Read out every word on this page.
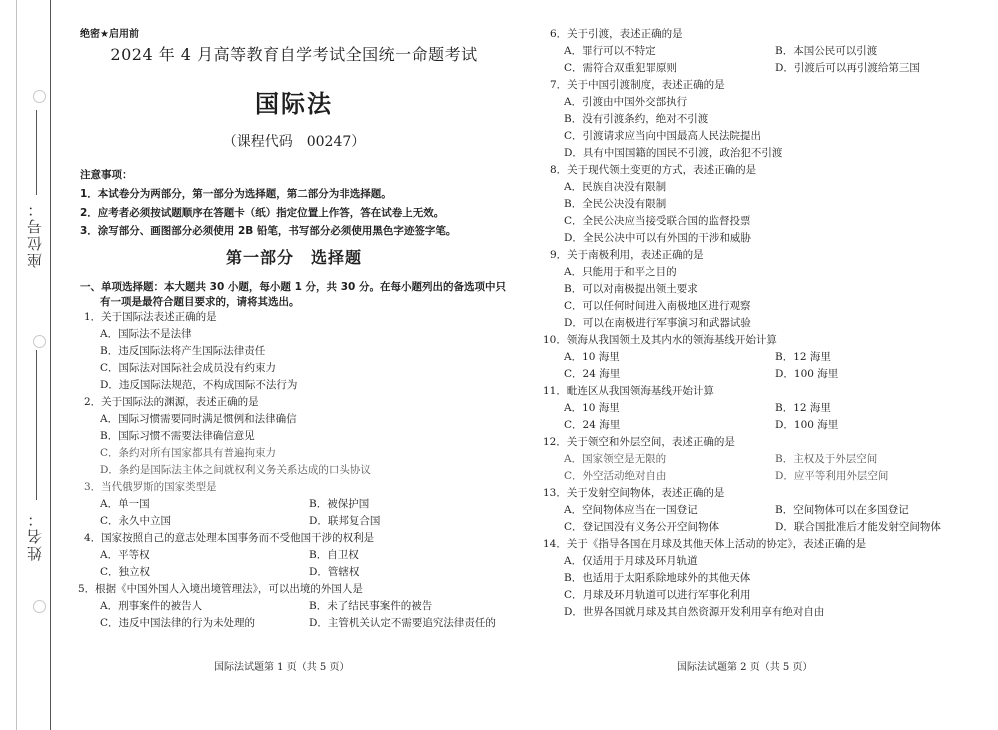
座位号：
姓名：
绝密★启用前
2024 年 4 月高等教育自学考试全国统一命题考试
国际法
（课程代码　00247）
注意事项：
1．本试卷分为两部分，第一部分为选择题，第二部分为非选择题。
2．应考者必须按试题顺序在答题卡（纸）指定位置上作答，答在试卷上无效。
3．涂写部分、画图部分必须使用 2B 铅笔，书写部分必须使用黑色字迹签字笔。
第一部分　选择题
一、单项选择题：本大题共 30 小题，每小题 1 分，共 30 分。在每小题列出的备选项中只
有一项是最符合题目要求的，请将其选出。
1．关于国际法表述正确的是
A．国际法不是法律
B．违反国际法将产生国际法律责任
C．国际法对国际社会成员没有约束力
D．违反国际法规范，不构成国际不法行为
2．关于国际法的渊源，表述正确的是
A．国际习惯需要同时满足惯例和法律确信
B．国际习惯不需要法律确信意见
C．条约对所有国家都具有普遍拘束力
D．条约是国际法主体之间就权利义务关系达成的口头协议
3．当代俄罗斯的国家类型是
A．单一国	B．被保护国
C．永久中立国	D．联邦复合国
4．国家按照自己的意志处理本国事务而不受他国干涉的权利是
A．平等权	B．自卫权
C．独立权	D．管辖权
5．根据《中国外国人入境出境管理法》，可以出境的外国人是
A．刑事案件的被告人	B．未了结民事案件的被告
C．违反中国法律的行为未处理的	D．主管机关认定不需要追究法律责任的
国际法试题第 1 页（共 5 页）
6．关于引渡，表述正确的是
A．罪行可以不特定	B．本国公民可以引渡
C．需符合双重犯罪原则	D．引渡后可以再引渡给第三国
7．关于中国引渡制度，表述正确的是
A．引渡由中国外交部执行
B．没有引渡条约，绝对不引渡
C．引渡请求应当向中国最高人民法院提出
D．具有中国国籍的国民不引渡，政治犯不引渡
8．关于现代领土变更的方式，表述正确的是
A．民族自决没有限制
B．全民公决没有限制
C．全民公决应当接受联合国的监督投票
D．全民公决中可以有外国的干涉和威胁
9．关于南极利用，表述正确的是
A．只能用于和平之目的
B．可以对南极提出领土要求
C．可以任何时间进入南极地区进行观察
D．可以在南极进行军事演习和武器试验
10．领海从我国领土及其内水的领海基线开始计算
A．10 海里	B．12 海里
C．24 海里	D．100 海里
11．毗连区从我国领海基线开始计算
A．10 海里	B．12 海里
C．24 海里	D．100 海里
12．关于领空和外层空间，表述正确的是
A．国家领空是无限的	B．主权及于外层空间
C．外空活动绝对自由	D．应平等利用外层空间
13．关于发射空间物体，表述正确的是
A．空间物体应当在一国登记	B．空间物体可以在多国登记
C．登记国没有义务公开空间物体	D．联合国批准后才能发射空间物体
14．关于《指导各国在月球及其他天体上活动的协定》，表述正确的是
A．仅适用于月球及环月轨道
B．也适用于太阳系除地球外的其他天体
C．月球及环月轨道可以进行军事化利用
D．世界各国就月球及其自然资源开发利用享有绝对自由
国际法试题第 2 页（共 5 页）
